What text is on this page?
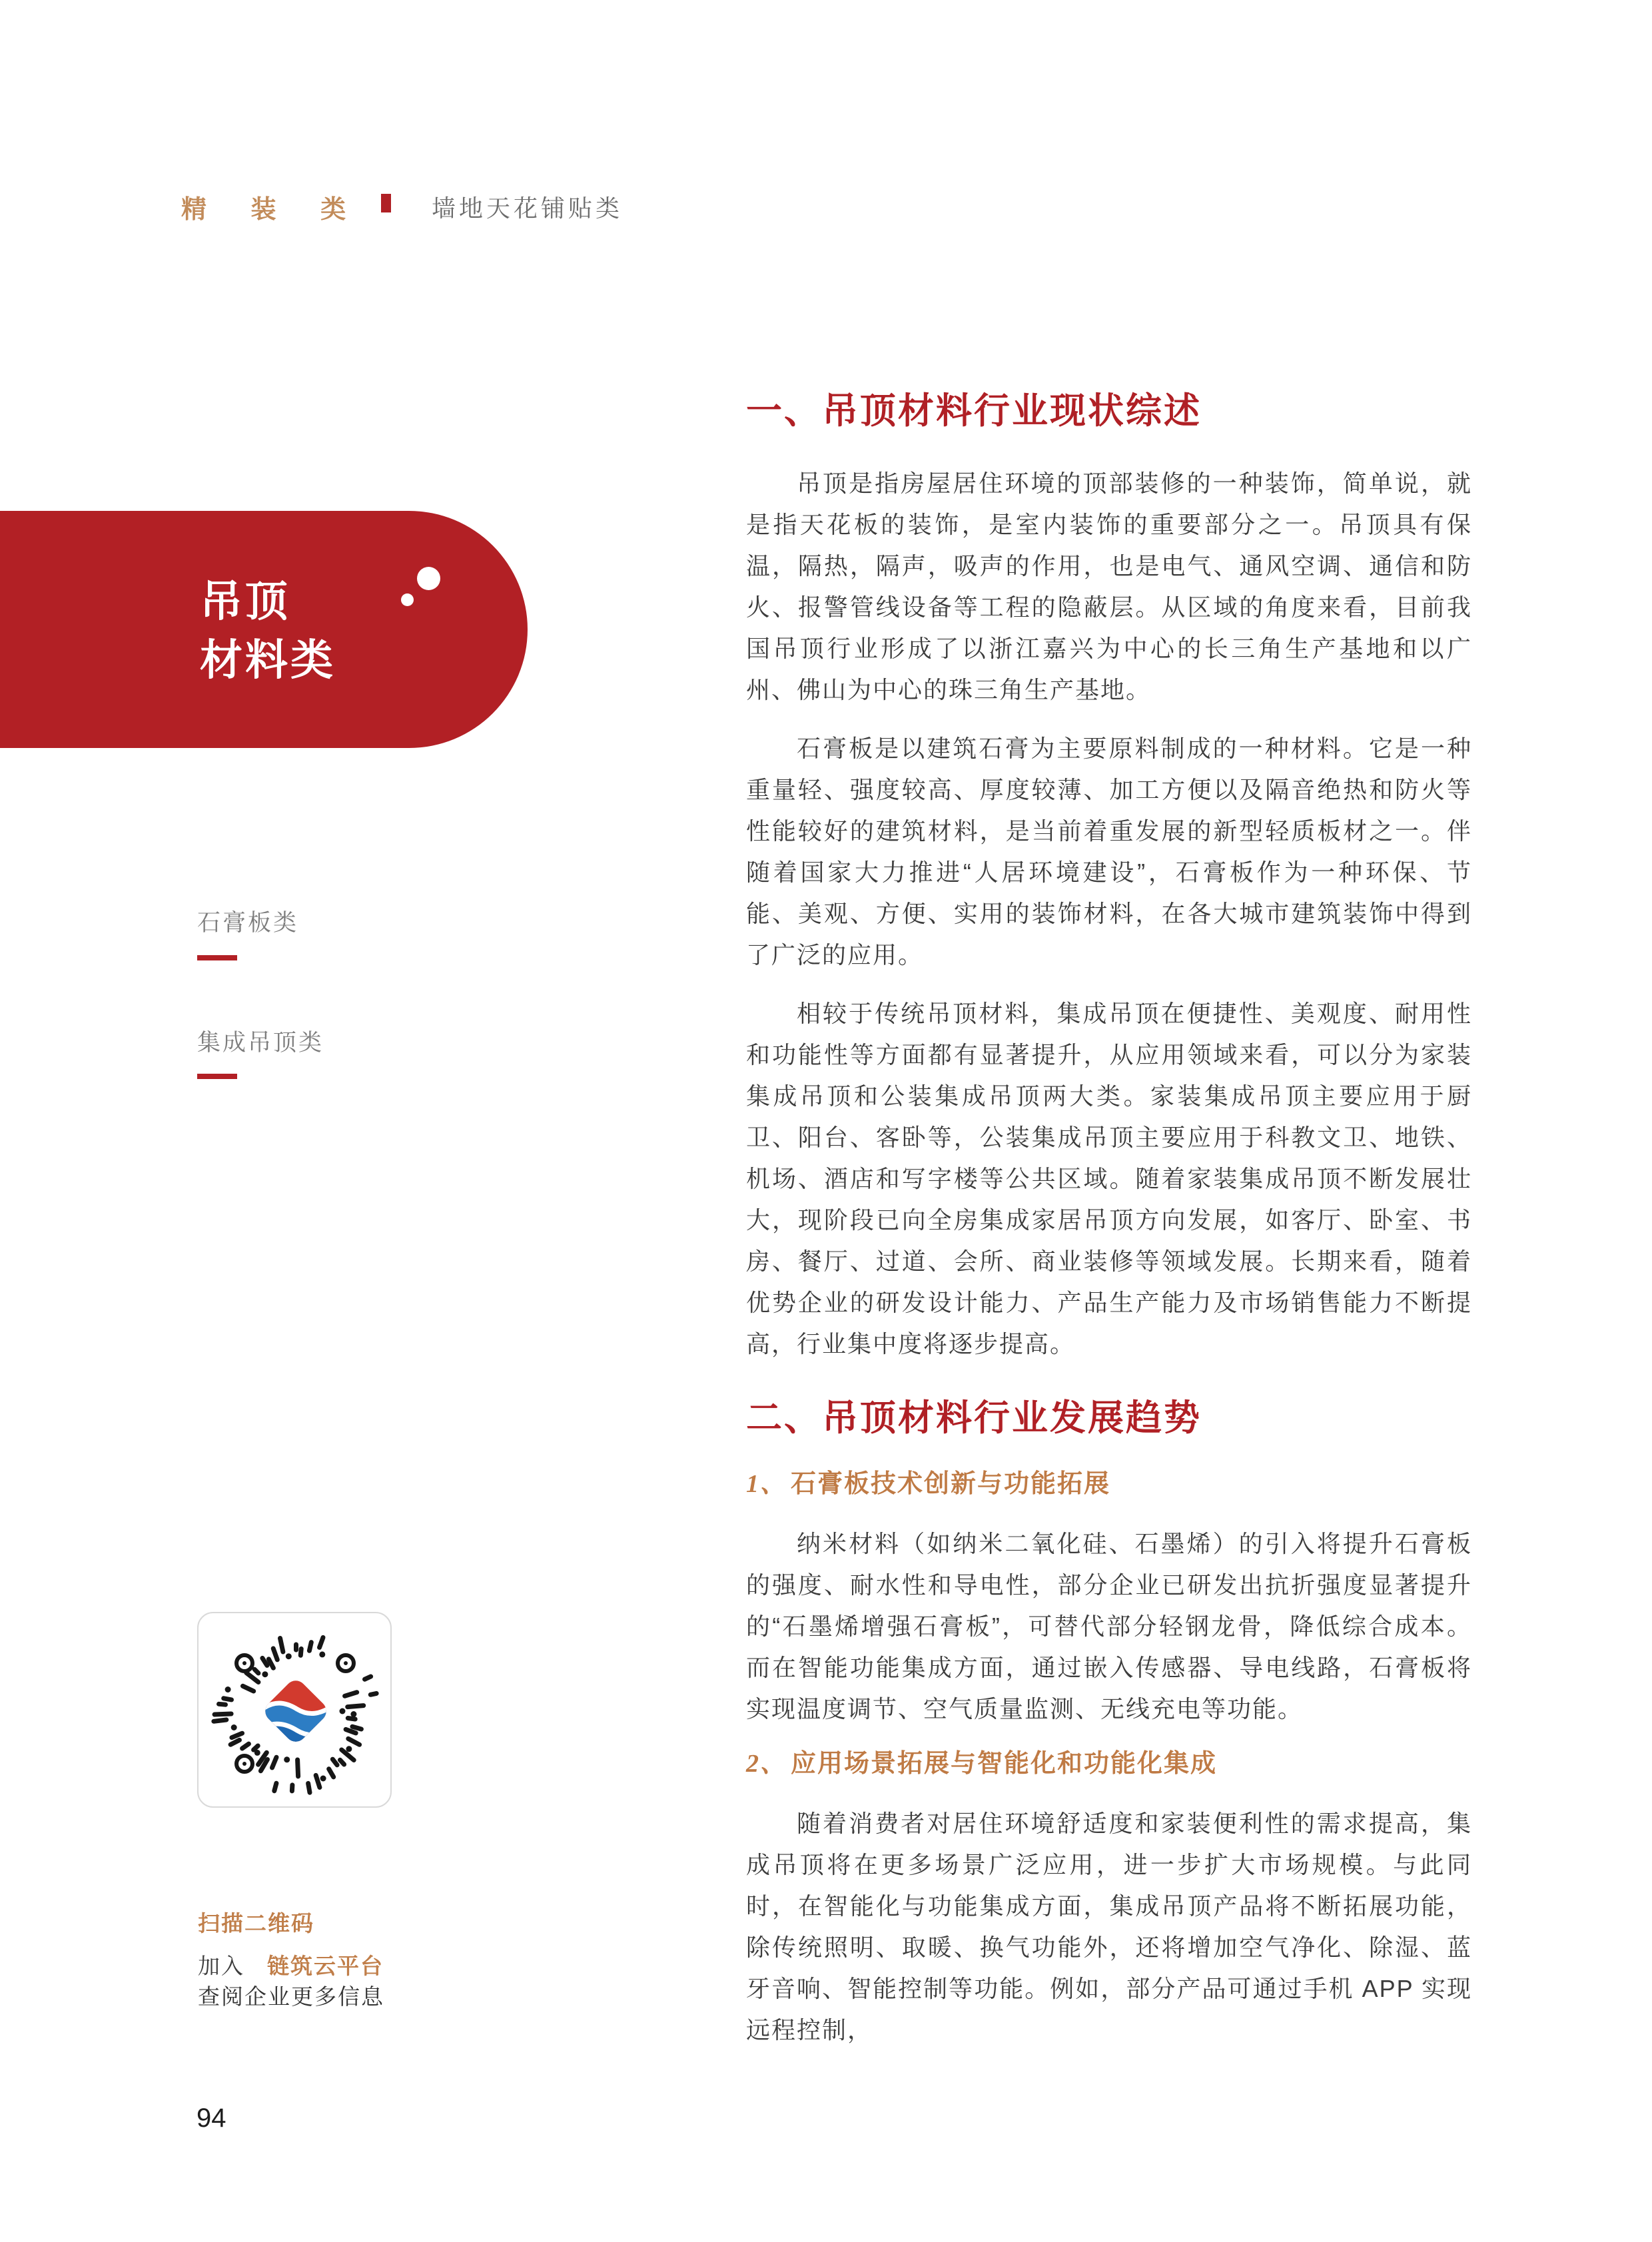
精 装 类	墙地天花铺贴类
吊顶
材料类
石膏板类
集成吊顶类
扫描二维码
加入 链筑云平台
查阅企业更多信息
94
一、吊顶材料行业现状综述

吊顶是指房屋居住环境的顶部装修的一种装饰，简单说，就是指天花板的装饰，是室内装饰的重要部分之一。吊顶具有保温，隔热，隔声，吸声的作用，也是电气、通风空调、通信和防火、报警管线设备等工程的隐蔽层。从区域的角度来看，目前我国吊顶行业形成了以浙江嘉兴为中心的长三角生产基地和以广州、佛山为中心的珠三角生产基地。

石膏板是以建筑石膏为主要原料制成的一种材料。它是一种重量轻、强度较高、厚度较薄、加工方便以及隔音绝热和防火等性能较好的建筑材料，是当前着重发展的新型轻质板材之一。伴随着国家大力推进“人居环境建设”，石膏板作为一种环保、节能、美观、方便、实用的装饰材料，在各大城市建筑装饰中得到了广泛的应用。

相较于传统吊顶材料，集成吊顶在便捷性、美观度、耐用性和功能性等方面都有显著提升，从应用领域来看，可以分为家装集成吊顶和公装集成吊顶两大类。家装集成吊顶主要应用于厨卫、阳台、客卧等，公装集成吊顶主要应用于科教文卫、地铁、机场、酒店和写字楼等公共区域。随着家装集成吊顶不断发展壮大，现阶段已向全房集成家居吊顶方向发展，如客厅、卧室、书房、餐厅、过道、会所、商业装修等领域发展。长期来看，随着优势企业的研发设计能力、产品生产能力及市场销售能力不断提高，行业集中度将逐步提高。

二、吊顶材料行业发展趋势
1、 石膏板技术创新与功能拓展

纳米材料（如纳米二氧化硅、石墨烯）的引入将提升石膏板的强度、耐水性和导电性，部分企业已研发出抗折强度显著提升的“石墨烯增强石膏板”，可替代部分轻钢龙骨，降低综合成本。而在智能功能集成方面，通过嵌入传感器、导电线路，石膏板将实现温度调节、空气质量监测、无线充电等功能。

2、 应用场景拓展与智能化和功能化集成

随着消费者对居住环境舒适度和家装便利性的需求提高，集成吊顶将在更多场景广泛应用，进一步扩大市场规模。与此同时，在智能化与功能集成方面，集成吊顶产品将不断拓展功能，除传统照明、取暖、换气功能外，还将增加空气净化、除湿、蓝牙音响、智能控制等功能。例如，部分产品可通过手机 APP 实现远程控制，
